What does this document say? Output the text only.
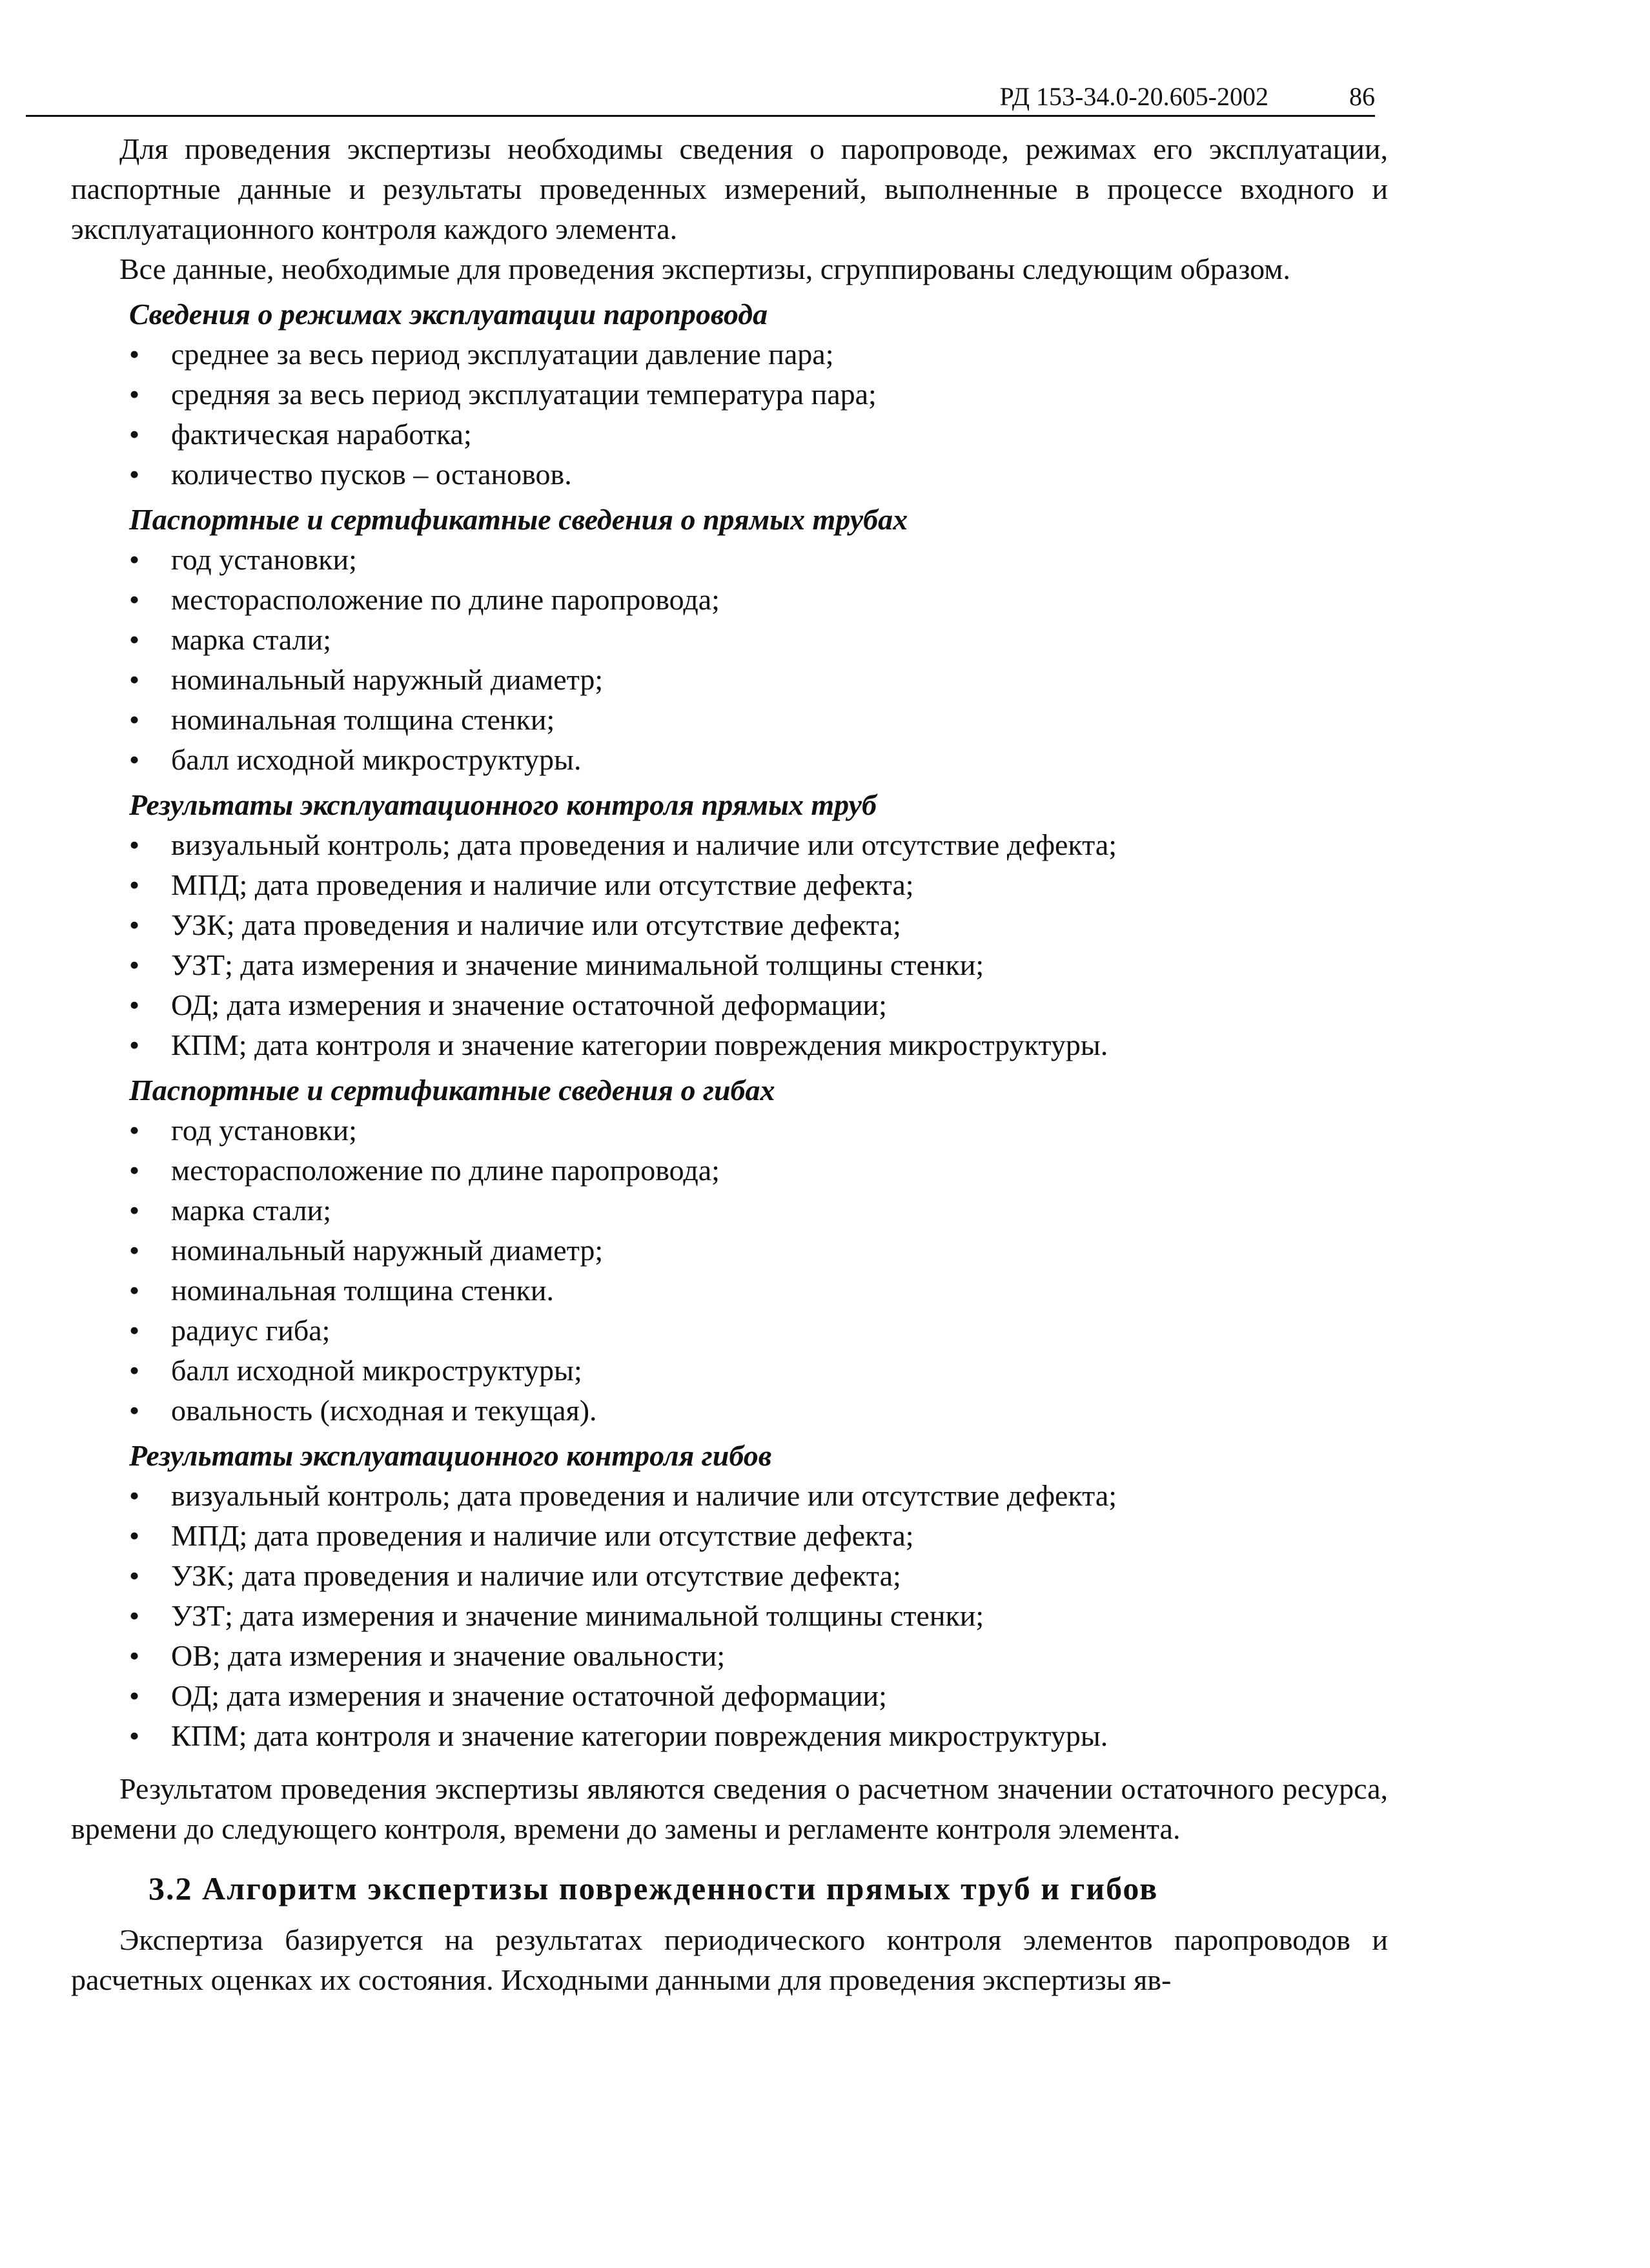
РД 153-34.0-20.605-2002	86

Для проведения экспертизы необходимы сведения о паропроводе, режимах его эксплуатации, паспортные данные и результаты проведенных измерений, выполненные в процессе входного и эксплуатационного контроля каждого элемента.

Все данные, необходимые для проведения экспертизы, сгруппированы следующим образом.

Сведения о режимах эксплуатации паропровода
• среднее за весь период эксплуатации давление пара;
• средняя за весь период эксплуатации температура пара;
• фактическая наработка;
• количество пусков – остановов.
Паспортные и сертификатные сведения о прямых трубах
• год установки;
• месторасположение по длине паропровода;
• марка стали;
• номинальный наружный диаметр;
• номинальная толщина стенки;
• балл исходной микроструктуры.
Результаты эксплуатационного контроля прямых труб
• визуальный контроль; дата проведения и наличие или отсутствие дефекта;
• МПД; дата проведения и наличие или отсутствие дефекта;
• УЗК; дата проведения и наличие или отсутствие дефекта;
• УЗТ; дата измерения и значение минимальной толщины стенки;
• ОД; дата измерения и значение остаточной деформации;
• КПМ; дата контроля и значение категории повреждения микроструктуры.
Паспортные и сертификатные сведения о гибах
• год установки;
• месторасположение по длине паропровода;
• марка стали;
• номинальный наружный диаметр;
• номинальная толщина стенки.
• радиус гиба;
• балл исходной микроструктуры;
• овальность (исходная и текущая).
Результаты эксплуатационного контроля гибов
• визуальный контроль; дата проведения и наличие или отсутствие дефекта;
• МПД; дата проведения и наличие или отсутствие дефекта;
• УЗК; дата проведения и наличие или отсутствие дефекта;
• УЗТ; дата измерения и значение минимальной толщины стенки;
• ОВ; дата измерения и значение овальности;
• ОД; дата измерения и значение остаточной деформации;
• КПМ; дата контроля и значение категории повреждения микроструктуры.

Результатом проведения экспертизы являются сведения о расчетном значении остаточного ресурса, времени до следующего контроля, времени до замены и регламенте контроля элемента.

3.2 Алгоритм экспертизы поврежденности прямых труб и гибов

Экспертиза базируется на результатах периодического контроля элементов паропроводов и расчетных оценках их состояния. Исходными данными для проведения экспертизы яв-
